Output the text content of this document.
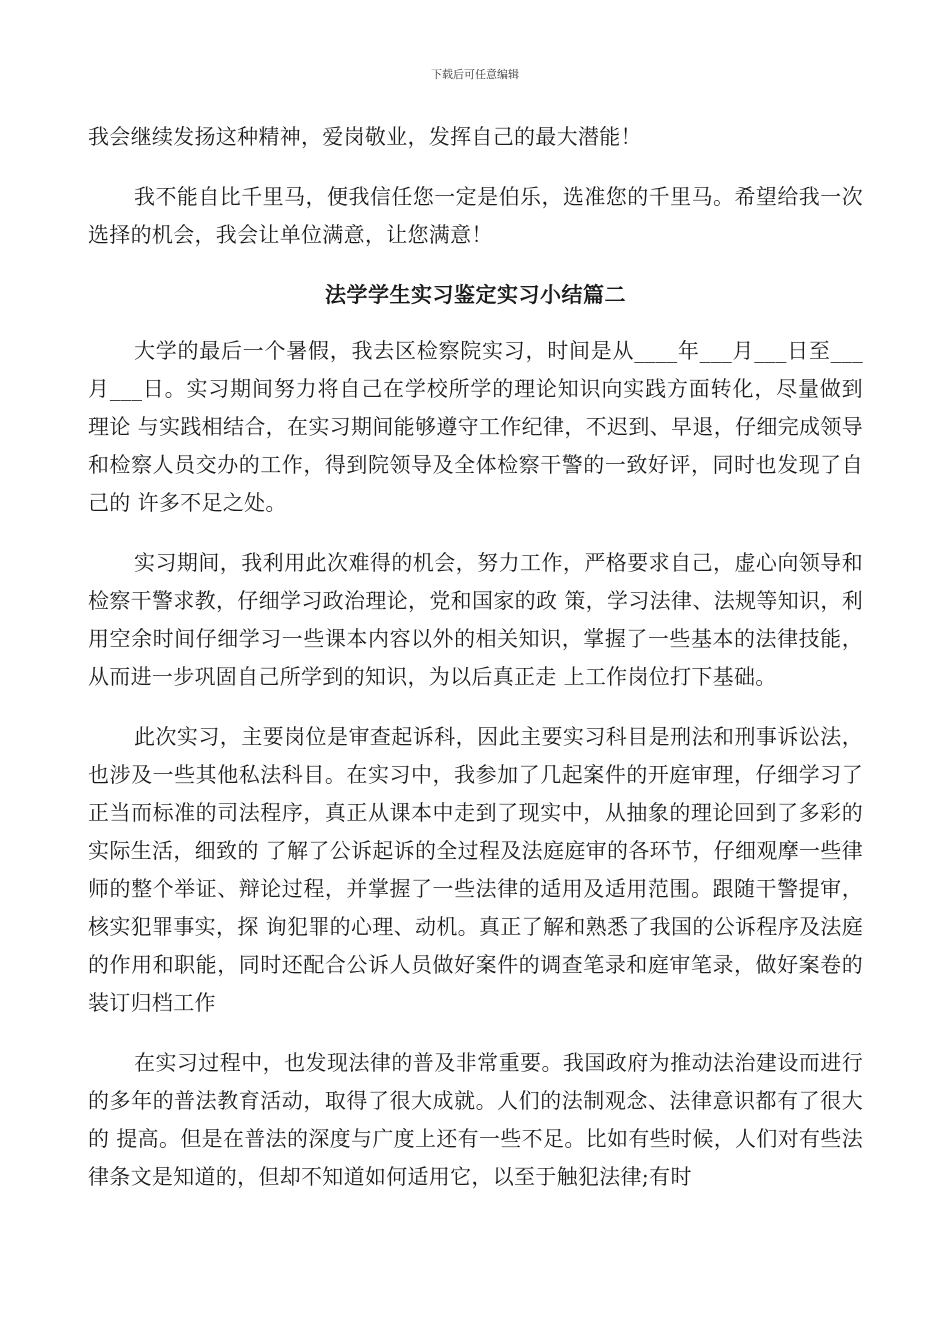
下载后可任意编辑

我会继续发扬这种精神，爱岗敬业，发挥自己的最大潜能！

我不能自比千里马，便我信任您一定是伯乐，选准您的千里马。希望给我一次选择的机会，我会让单位满意，让您满意！

法学学生实习鉴定实习小结篇二

大学的最后一个暑假，我去区检察院实习，时间是从____年___月___日至___月___日。实习期间努力将自己在学校所学的理论知识向实践方面转化，尽量做到理论 与实践相结合，在实习期间能够遵守工作纪律，不迟到、早退，仔细完成领导和检察人员交办的工作，得到院领导及全体检察干警的一致好评，同时也发现了自己的 许多不足之处。

实习期间，我利用此次难得的机会，努力工作，严格要求自己，虚心向领导和检察干警求教，仔细学习政治理论，党和国家的政 策，学习法律、法规等知识，利用空余时间仔细学习一些课本内容以外的相关知识，掌握了一些基本的法律技能，从而进一步巩固自己所学到的知识，为以后真正走 上工作岗位打下基础。

此次实习，主要岗位是审查起诉科，因此主要实习科目是刑法和刑事诉讼法，也涉及一些其他私法科目。在实习中，我参加了几起案件的开庭审理，仔细学习了正当而标准的司法程序，真正从课本中走到了现实中，从抽象的理论回到了多彩的实际生活，细致的 了解了公诉起诉的全过程及法庭庭审的各环节，仔细观摩一些律师的整个举证、辩论过程，并掌握了一些法律的适用及适用范围。跟随干警提审，核实犯罪事实，探 询犯罪的心理、动机。真正了解和熟悉了我国的公诉程序及法庭的作用和职能，同时还配合公诉人员做好案件的调查笔录和庭审笔录，做好案卷的装订归档工作

在实习过程中，也发现法律的普及非常重要。我国政府为推动法治建设而进行的多年的普法教育活动，取得了很大成就。人们的法制观念、法律意识都有了很大的 提高。但是在普法的深度与广度上还有一些不足。比如有些时候，人们对有些法律条文是知道的，但却不知道如何适用它，以至于触犯法律;有时
